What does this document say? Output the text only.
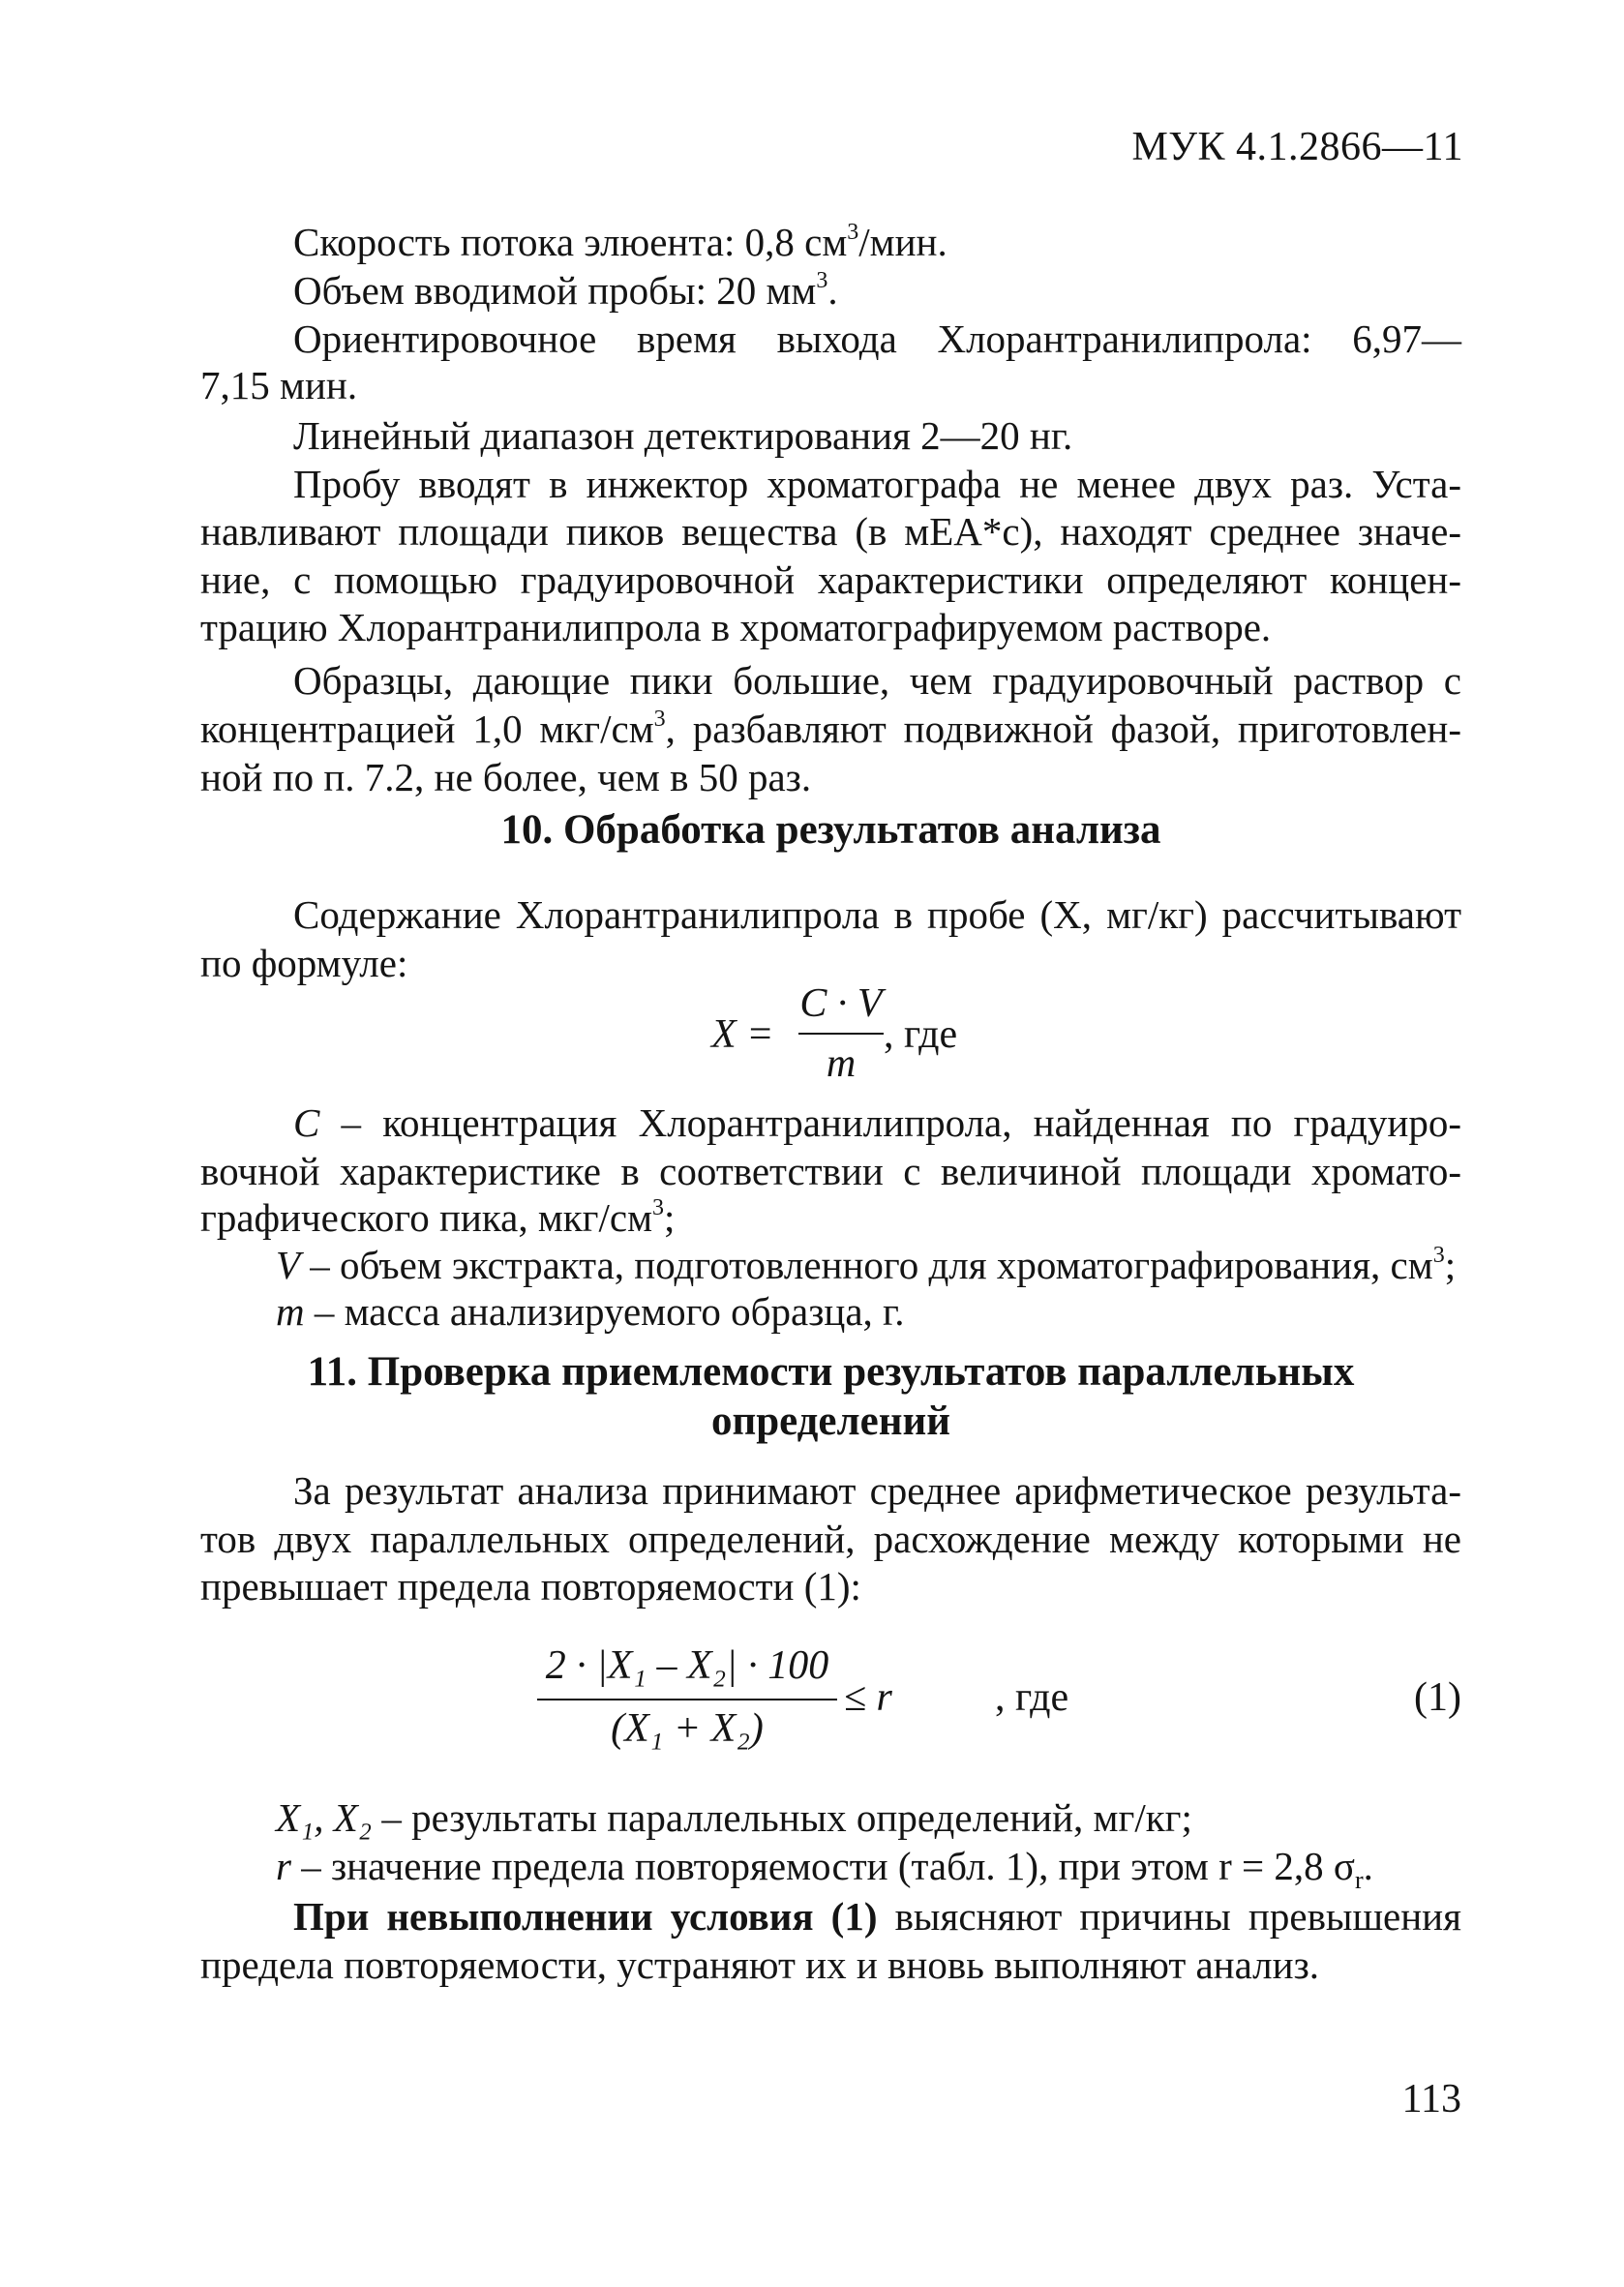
МУК 4.1.2866—11
Скорость потока элюента: 0,8 $см^3$/мин.
Объем вводимой пробы: 20 $мм^3$.
Ориентировочное время выхода Хлорантранилипрола: 6,97—
7,15 мин.
Линейный диапазон детектирования 2—20 нг.
Пробу вводят в инжектор хроматографа не менее двух раз. Уста-
навливают площади пиков вещества (в мЕА*с), находят среднее значе-
ние, с помощью градуировочной характеристики определяют концен-
трацию Хлорантранилипрола в хроматографируемом растворе.
Образцы, дающие пики большие, чем градуировочный раствор с
концентрацией 1,0 мкг/$см^3$, разбавляют подвижной фазой, приготовлен-
ной по п. 7.2, не более, чем в 50 раз.
10. Обработка результатов анализа
Содержание Хлорантранилипрола в пробе (X, мг/кг) рассчитывают
по формуле:
X =
C · V
m
, где
C – концентрация Хлорантранилипрола, найденная по градуиро-
вочной характеристике в соответствии с величиной площади хромато-
графического пика, мкг/$см^3$;
V – объем экстракта, подготовленного для хроматографирования, $см^3$;
m – масса анализируемого образца, г.
11. Проверка приемлемости результатов параллельных
определений
За результат анализа принимают среднее арифметическое результа-
тов двух параллельных определений, расхождение между которыми не
превышает предела повторяемости (1):
2 · |X₁ – X₂| · 100
(X₁ + X₂)
≤ r	, где	(1)
X₁, X₂ – результаты параллельных определений, мг/кг;
r – значение предела повторяемости (табл. 1), при этом r = 2,8 $\sigma_r$.
При невыполнении условия (1) выясняют причины превышения
предела повторяемости, устраняют их и вновь выполняют анализ.
113
